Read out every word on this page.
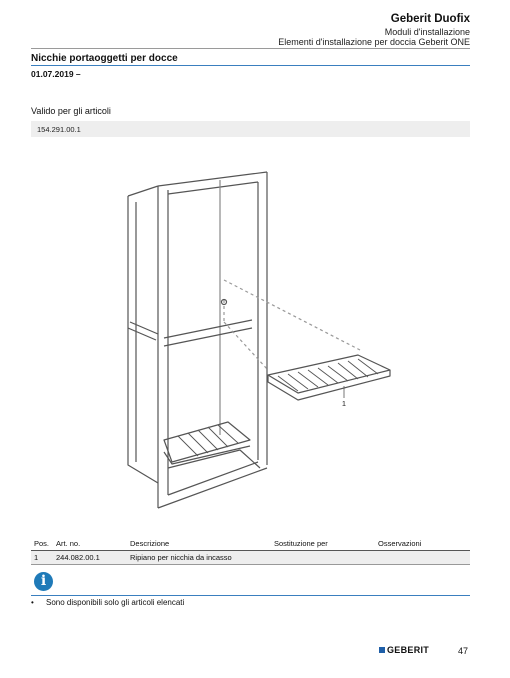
Geberit Duofix
Moduli d'installazione
Elementi d'installazione per doccia Geberit ONE
Nicchie portaoggetti per docce
01.07.2019 –
Valido per gli articoli
154.291.00.1
1
Pos.	Art. no.	Descrizione	Sostituzione per	Osservazioni
1	244.082.00.1	Ripiano per nicchia da incasso		
i
• Sono disponibili solo gli articoli elencati
GEBERIT	47
